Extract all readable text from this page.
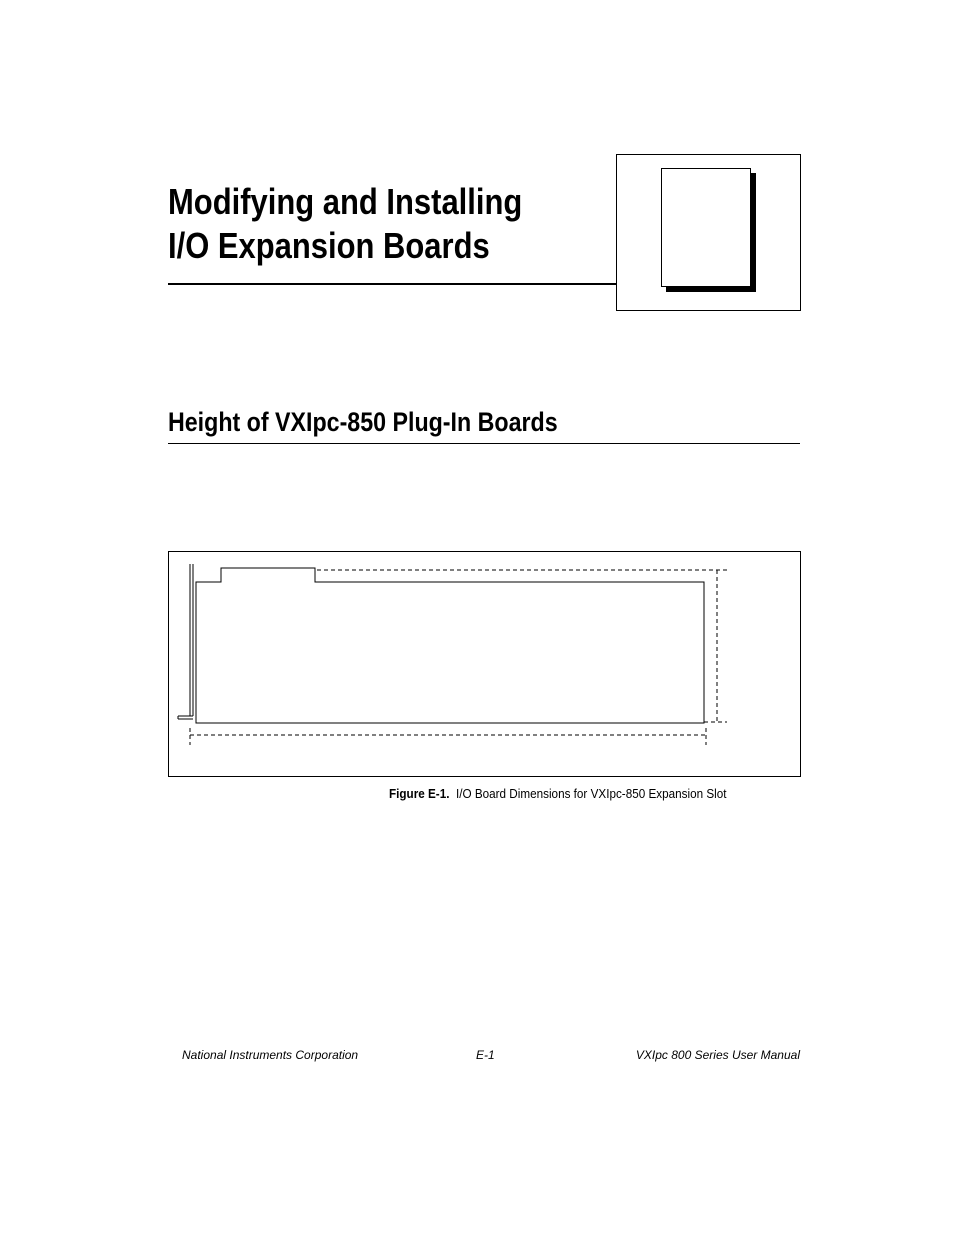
Modifying and Installing
I/O Expansion Boards	E
Height of VXIpc-850 Plug-In Boards
Figure E-1. I/O Board Dimensions for VXIpc-850 Expansion Slot
National Instruments Corporation	E-1	VXIpc 800 Series User Manual
